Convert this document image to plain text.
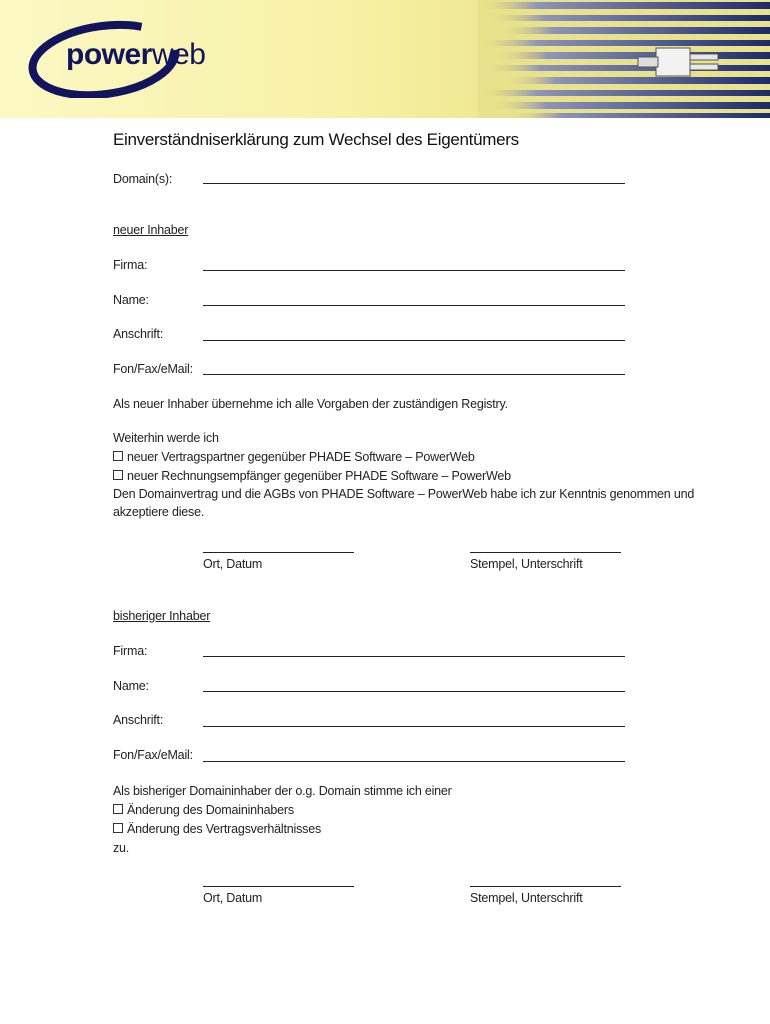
powerweb
Einverständniserklärung zum Wechsel des Eigentümers
Domain(s):
neuer Inhaber
Firma:
Name:
Anschrift:
Fon/Fax/eMail:
Als neuer Inhaber übernehme ich alle Vorgaben der zuständigen Registry.
Weiterhin werde ich
neuer Vertragspartner gegenüber PHADE Software – PowerWeb
neuer Rechnungsempfänger gegenüber PHADE Software – PowerWeb
Den Domainvertrag und die AGBs von PHADE Software – PowerWeb habe ich zur Kenntnis genommen und
akzeptiere diese.
Ort, Datum	Stempel, Unterschrift
bisheriger Inhaber
Firma:
Name:
Anschrift:
Fon/Fax/eMail:
Als bisheriger Domaininhaber der o.g. Domain stimme ich einer
Änderung des Domaininhabers
Änderung des Vertragsverhältnisses
zu.
Ort, Datum	Stempel, Unterschrift
